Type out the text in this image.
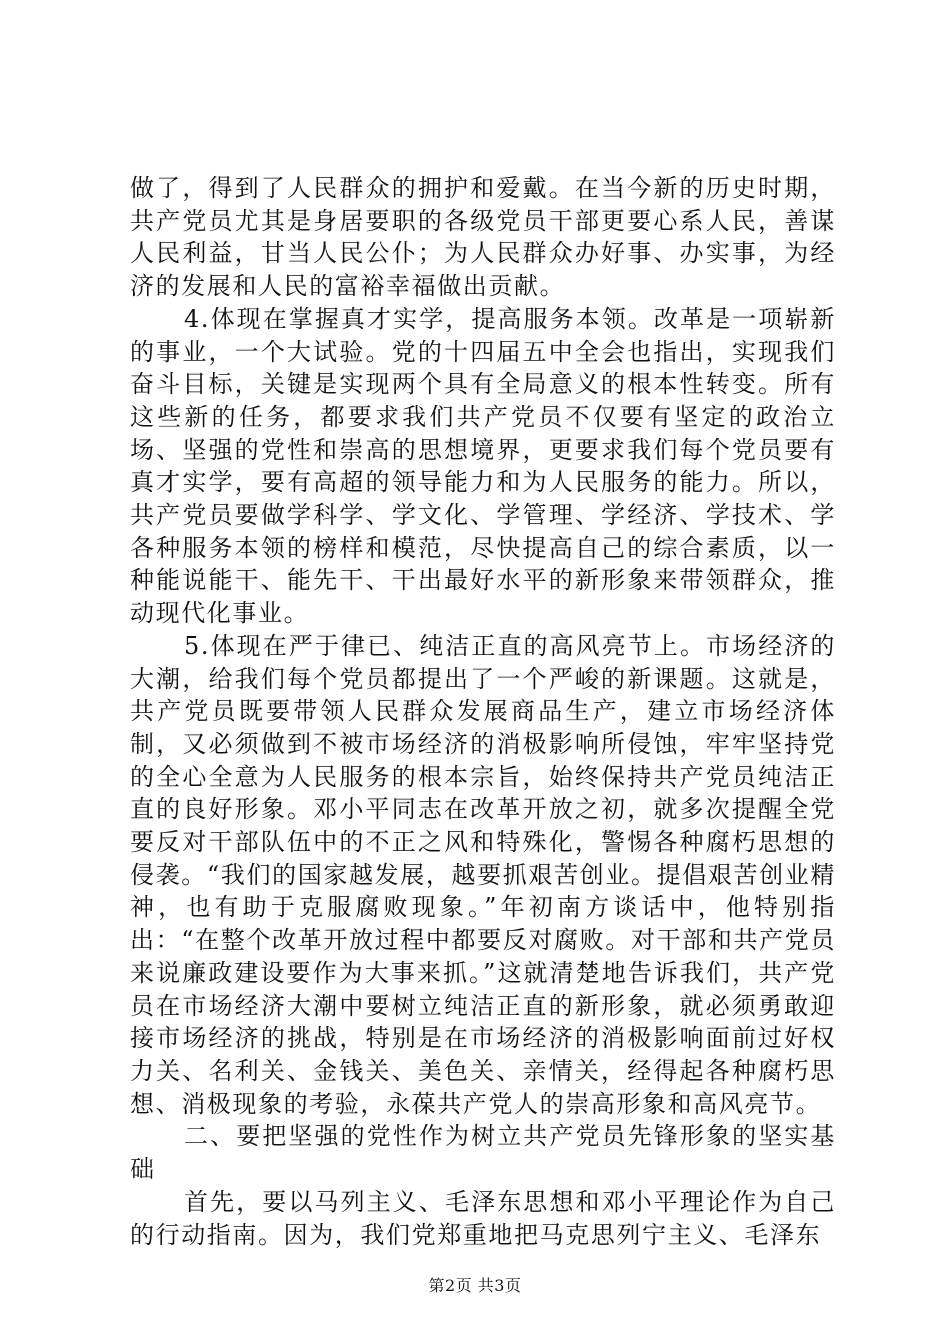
做了，得到了人民群众的拥护和爱戴。在当今新的历史时期，共产党员尤其是身居要职的各级党员干部更要心系人民，善谋人民利益，甘当人民公仆；为人民群众办好事、办实事，为经济的发展和人民的富裕幸福做出贡献。

4.体现在掌握真才实学，提高服务本领。改革是一项崭新的事业，一个大试验。党的十四届五中全会也指出，实现我们奋斗目标，关键是实现两个具有全局意义的根本性转变。所有这些新的任务，都要求我们共产党员不仅要有坚定的政治立场、坚强的党性和崇高的思想境界，更要求我们每个党员要有真才实学，要有高超的领导能力和为人民服务的能力。所以，共产党员要做学科学、学文化、学管理、学经济、学技术、学各种服务本领的榜样和模范，尽快提高自己的综合素质，以一种能说能干、能先干、干出最好水平的新形象来带领群众，推动现代化事业。

5.体现在严于律已、纯洁正直的高风亮节上。市场经济的大潮，给我们每个党员都提出了一个严峻的新课题。这就是，共产党员既要带领人民群众发展商品生产，建立市场经济体制，又必须做到不被市场经济的消极影响所侵蚀，牢牢坚持党的全心全意为人民服务的根本宗旨，始终保持共产党员纯洁正直的良好形象。邓小平同志在改革开放之初，就多次提醒全党要反对干部队伍中的不正之风和特殊化，警惕各种腐朽思想的侵袭。“我们的国家越发展，越要抓艰苦创业。提倡艰苦创业精神，也有助于克服腐败现象。”年初南方谈话中，他特别指出：“在整个改革开放过程中都要反对腐败。对干部和共产党员来说廉政建设要作为大事来抓。”这就清楚地告诉我们，共产党员在市场经济大潮中要树立纯洁正直的新形象，就必须勇敢迎接市场经济的挑战，特别是在市场经济的消极影响面前过好权力关、名利关、金钱关、美色关、亲情关，经得起各种腐朽思想、消极现象的考验，永葆共产党人的崇高形象和高风亮节。

二、要把坚强的党性作为树立共产党员先锋形象的坚实基础

首先，要以马列主义、毛泽东思想和邓小平理论作为自己的行动指南。因为，我们党郑重地把马克思列宁主义、毛泽东

第2页 共3页
